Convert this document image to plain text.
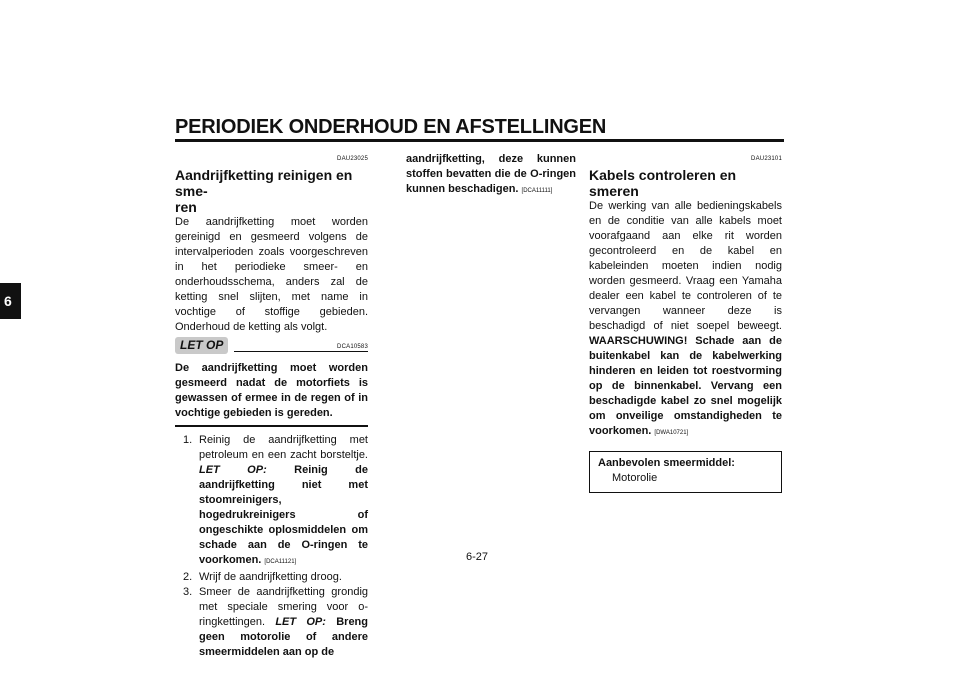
PERIODIEK ONDERHOUD EN AFSTELLINGEN
6
DAU23025
Aandrijfketting reinigen en sme-
ren

De aandrijfketting moet worden gereinigd en gesmeerd volgens de intervalperioden zoals voorgeschreven in het periodieke smeer- en onderhoudsschema, anders zal de ketting snel slijten, met name in vochtige of stoffige gebieden. Onderhoud de ketting als volgt.

LET OP	DCA10583

De aandrijfketting moet worden gesmeerd nadat de motorfiets is gewassen of ermee in de regen of in vochtige gebieden is gereden.

1. Reinig de aandrijfketting met petroleum en een zacht borsteltje. LET OP: Reinig de aandrijfketting niet met stoomreinigers, hogedrukreinigers of ongeschikte oplosmiddelen om schade aan de O-ringen te voorkomen. [DCA11121]
2. Wrijf de aandrijfketting droog.
3. Smeer de aandrijfketting grondig met speciale smering voor o-ringkettingen. LET OP: Breng geen motorolie of andere smeermiddelen aan op de

aandrijfketting, deze kunnen stoffen bevatten die de O-ringen kunnen beschadigen. [DCA11111]

DAU23101
Kabels controleren en smeren

De werking van alle bedieningskabels en de conditie van alle kabels moet voorafgaand aan elke rit worden gecontroleerd en de kabel en kabeleinden moeten indien nodig worden gesmeerd. Vraag een Yamaha dealer een kabel te controleren of te vervangen wanneer deze is beschadigd of niet soepel beweegt. WAARSCHUWING! Schade aan de buitenkabel kan de kabelwerking hinderen en leiden tot roestvorming op de binnenkabel. Vervang een beschadigde kabel zo snel mogelijk om onveilige omstandigheden te voorkomen. [DWA10721]

Aanbevolen smeermiddel:
Motorolie
6-27
